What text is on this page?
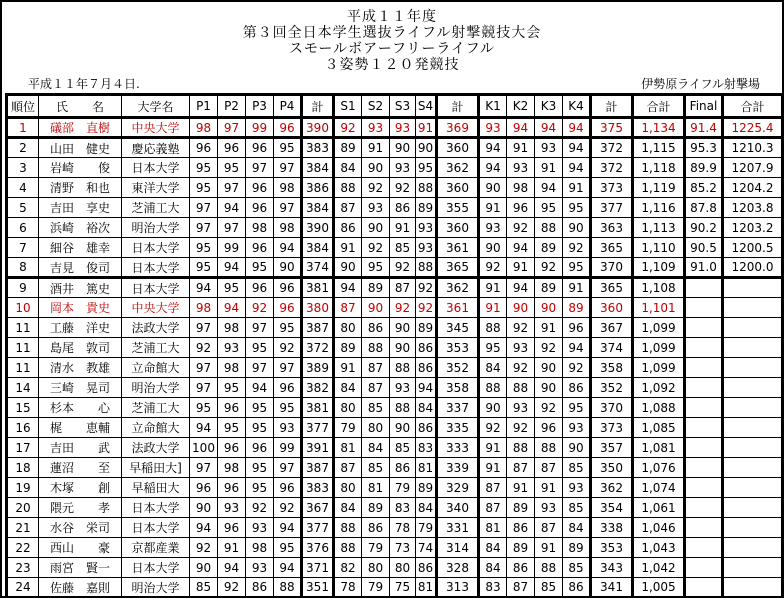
平成１１年度
第３回全日本学生選抜ライフル射撃競技大会
スモールボアーフリーライフル
３姿勢１２０発競技
平成１１年７月４日.	伊勢原ライフル射撃場
順位	氏　　名	大学名	P1	P2	P3	P4	計	S1	S2	S3	S4	計	K1	K2	K3	K4	計	合計	Final	合計
1	礒部　直樹	中央大学	98	97	99	96	390	92	93	93	91	369	93	94	94	94	375	1,134	91.4	1225.4
2	山田　健史	慶応義塾	96	96	96	95	383	89	91	90	90	360	94	91	93	94	372	1,115	95.3	1210.3
3	岩崎　　俊	日本大学	95	95	97	97	384	84	90	93	95	362	94	93	91	94	372	1,118	89.9	1207.9
4	清野　和也	東洋大学	95	97	96	98	386	88	92	92	88	360	90	98	94	91	373	1,119	85.2	1204.2
5	吉田　享史	芝浦工大	97	94	96	97	384	87	93	86	89	355	91	96	95	95	377	1,116	87.8	1203.8
6	浜崎　裕次	明治大学	97	97	98	98	390	86	90	91	93	360	93	92	88	90	363	1,113	90.2	1203.2
7	細谷　雄幸	日本大学	95	99	96	94	384	91	92	85	93	361	90	94	89	92	365	1,110	90.5	1200.5
8	吉見　俊司	日本大学	95	94	95	90	374	90	95	92	88	365	92	91	92	95	370	1,109	91.0	1200.0
9	酒井　篤史	日本大学	94	95	96	96	381	94	89	87	92	362	91	94	89	91	365	1,108		
10	岡本　貴史	中央大学	98	94	92	96	380	87	90	92	92	361	91	90	90	89	360	1,101		
11	工藤　洋史	法政大学	97	98	97	95	387	80	86	90	89	345	88	92	91	96	367	1,099		
11	島尾　敦司	芝浦工大	92	93	95	92	372	89	88	90	86	353	95	93	92	94	374	1,099		
11	清水　教雄	立命館大	97	98	97	97	389	91	87	88	86	352	84	92	90	92	358	1,099		
14	三崎　晃司	明治大学	97	95	94	96	382	84	87	93	94	358	88	88	90	86	352	1,092		
15	杉本　　心	芝浦工大	95	96	95	95	381	80	85	88	84	337	90	93	92	95	370	1,088		
16	梶　　恵輔	立命館大	94	95	95	93	377	79	80	90	86	335	92	92	96	93	373	1,085		
17	吉田　　武	法政大学	100	96	96	99	391	81	84	85	83	333	91	88	88	90	357	1,081		
18	蓮沼　　至	早稲田大]	97	98	95	97	387	87	85	86	81	339	91	87	87	85	350	1,076		
19	木塚　　創	早稲田大	96	96	95	96	383	80	81	79	89	329	87	91	91	93	362	1,074		
20	隈元　　孝	日本大学	90	93	92	92	367	84	89	83	84	340	87	89	93	85	354	1,061		
21	水谷　栄司	日本大学	94	96	93	94	377	88	86	78	79	331	81	86	87	84	338	1,046		
22	西山　　豪	京都産業	92	91	98	95	376	88	79	73	74	314	84	89	91	89	353	1,043		
23	雨宮　賢一	日本大学	90	94	93	94	371	82	80	80	86	328	84	86	88	85	343	1,042		
24	佐藤　嘉則	明治大学	85	92	86	88	351	78	79	75	81	313	83	87	85	86	341	1,005		
